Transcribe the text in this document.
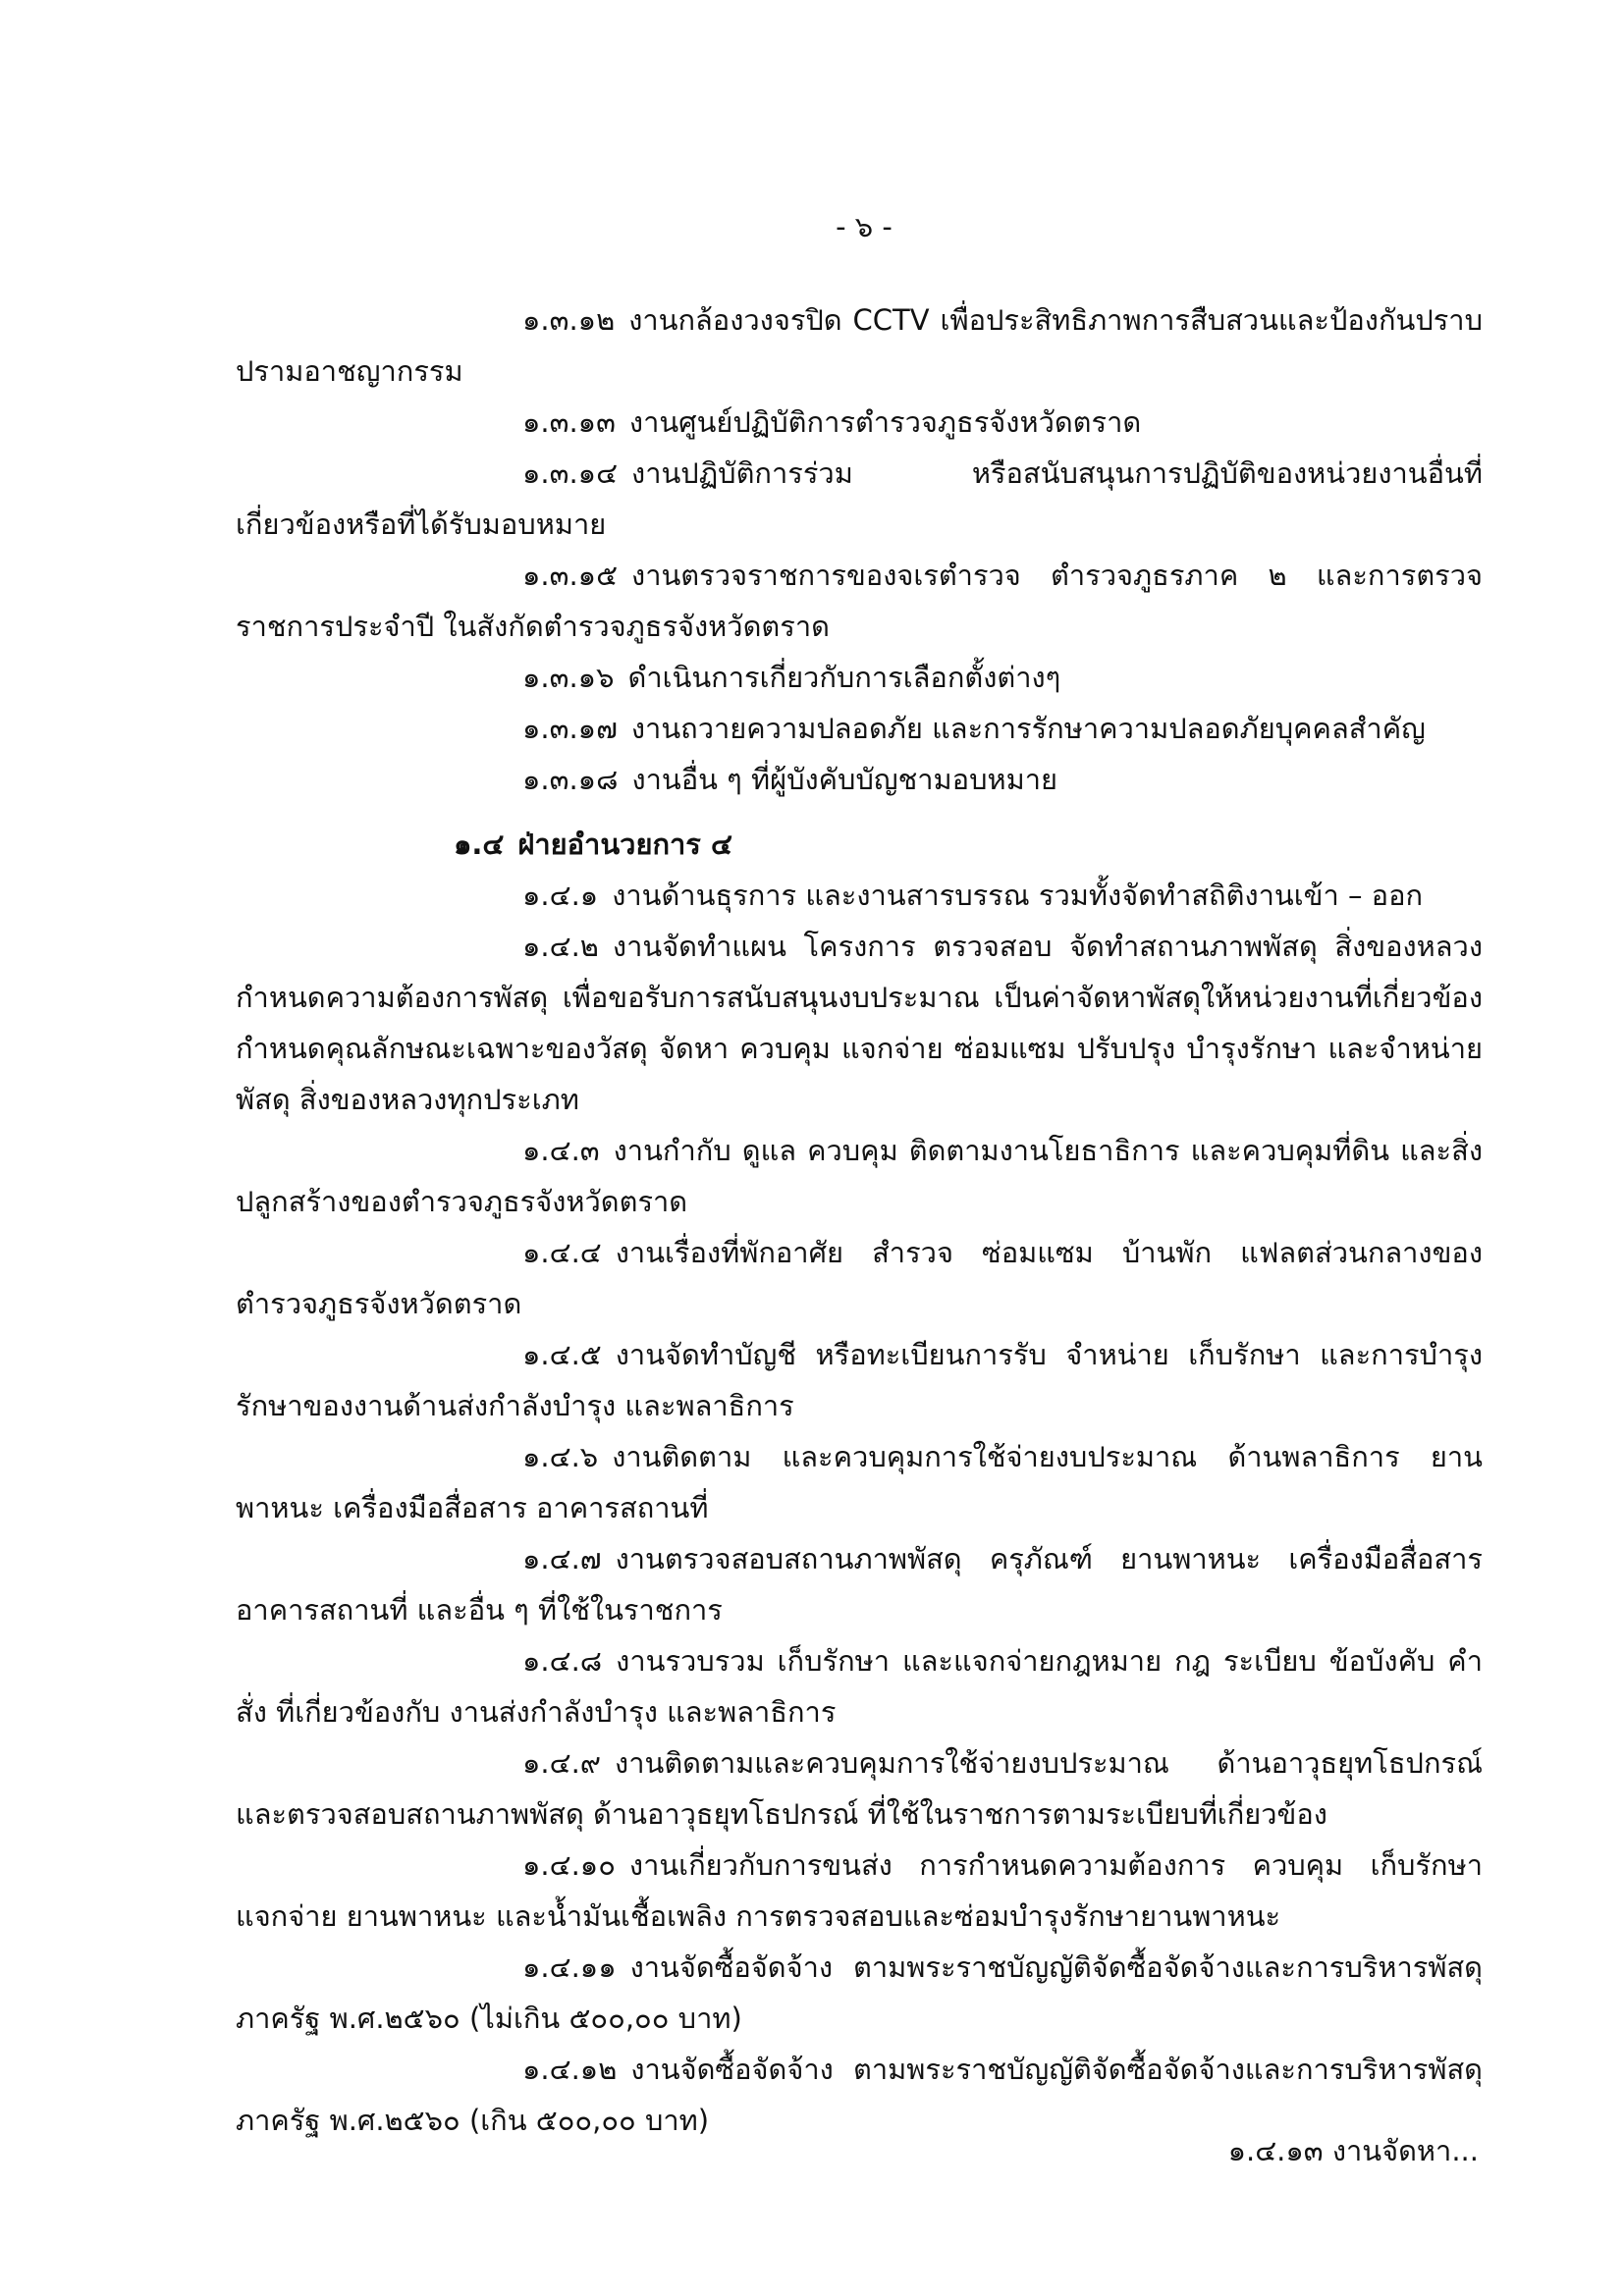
- ๖ -

๑.๓.๑๒ งานกล้องวงจรปิด CCTV เพื่อประสิทธิภาพการสืบสวนและป้องกันปราบปรามอาชญากรรม

๑.๓.๑๓ งานศูนย์ปฏิบัติการตำรวจภูธรจังหวัดตราด

๑.๓.๑๔ งานปฏิบัติการร่วม หรือสนับสนุนการปฏิบัติของหน่วยงานอื่นที่เกี่ยวข้องหรือที่ได้รับมอบหมาย

๑.๓.๑๕ งานตรวจราชการของจเรตำรวจ ตำรวจภูธรภาค ๒ และการตรวจราชการประจำปี ในสังกัดตำรวจภูธรจังหวัดตราด

๑.๓.๑๖ ดำเนินการเกี่ยวกับการเลือกตั้งต่างๆ

๑.๓.๑๗ งานถวายความปลอดภัย และการรักษาความปลอดภัยบุคคลสำคัญ

๑.๓.๑๘ งานอื่น ๆ ที่ผู้บังคับบัญชามอบหมาย

๑.๔ ฝ่ายอำนวยการ ๔

๑.๔.๑ งานด้านธุรการ และงานสารบรรณ รวมทั้งจัดทำสถิติงานเข้า – ออก

๑.๔.๒ งานจัดทำแผน โครงการ ตรวจสอบ จัดทำสถานภาพพัสดุ สิ่งของหลวง กำหนดความต้องการพัสดุ เพื่อขอรับการสนับสนุนงบประมาณ เป็นค่าจัดหาพัสดุให้หน่วยงานที่เกี่ยวข้อง กำหนดคุณลักษณะเฉพาะของวัสดุ จัดหา ควบคุม แจกจ่าย ซ่อมแซม ปรับปรุง บำรุงรักษา และจำหน่ายพัสดุ สิ่งของหลวงทุกประเภท

๑.๔.๓ งานกำกับ ดูแล ควบคุม ติดตามงานโยธาธิการ และควบคุมที่ดิน และสิ่งปลูกสร้างของตำรวจภูธรจังหวัดตราด

๑.๔.๔ งานเรื่องที่พักอาศัย สำรวจ ซ่อมแซม บ้านพัก แฟลตส่วนกลางของตำรวจภูธรจังหวัดตราด

๑.๔.๕ งานจัดทำบัญชี หรือทะเบียนการรับ จำหน่าย เก็บรักษา และการบำรุงรักษาของงานด้านส่งกำลังบำรุง และพลาธิการ

๑.๔.๖ งานติดตาม และควบคุมการใช้จ่ายงบประมาณ ด้านพลาธิการ ยานพาหนะ เครื่องมือสื่อสาร อาคารสถานที่

๑.๔.๗ งานตรวจสอบสถานภาพพัสดุ ครุภัณฑ์ ยานพาหนะ เครื่องมือสื่อสาร อาคารสถานที่ และอื่น ๆ ที่ใช้ในราชการ

๑.๔.๘ งานรวบรวม เก็บรักษา และแจกจ่ายกฎหมาย กฎ ระเบียบ ข้อบังคับ คำสั่ง ที่เกี่ยวข้องกับ งานส่งกำลังบำรุง และพลาธิการ

๑.๔.๙ งานติดตามและควบคุมการใช้จ่ายงบประมาณ ด้านอาวุธยุทโธปกรณ์ และตรวจสอบสถานภาพพัสดุ ด้านอาวุธยุทโธปกรณ์ ที่ใช้ในราชการตามระเบียบที่เกี่ยวข้อง

๑.๔.๑๐ งานเกี่ยวกับการขนส่ง การกำหนดความต้องการ ควบคุม เก็บรักษา แจกจ่าย ยานพาหนะ และน้ำมันเชื้อเพลิง การตรวจสอบและซ่อมบำรุงรักษายานพาหนะ

๑.๔.๑๑ งานจัดซื้อจัดจ้าง ตามพระราชบัญญัติจัดซื้อจัดจ้างและการบริหารพัสดุภาครัฐ พ.ศ.๒๕๖๐ (ไม่เกิน ๕๐๐,๐๐ บาท)

๑.๔.๑๒ งานจัดซื้อจัดจ้าง ตามพระราชบัญญัติจัดซื้อจัดจ้างและการบริหารพัสดุภาครัฐ พ.ศ.๒๕๖๐ (เกิน ๕๐๐,๐๐ บาท)

๑.๔.๑๓ งานจัดหา...
